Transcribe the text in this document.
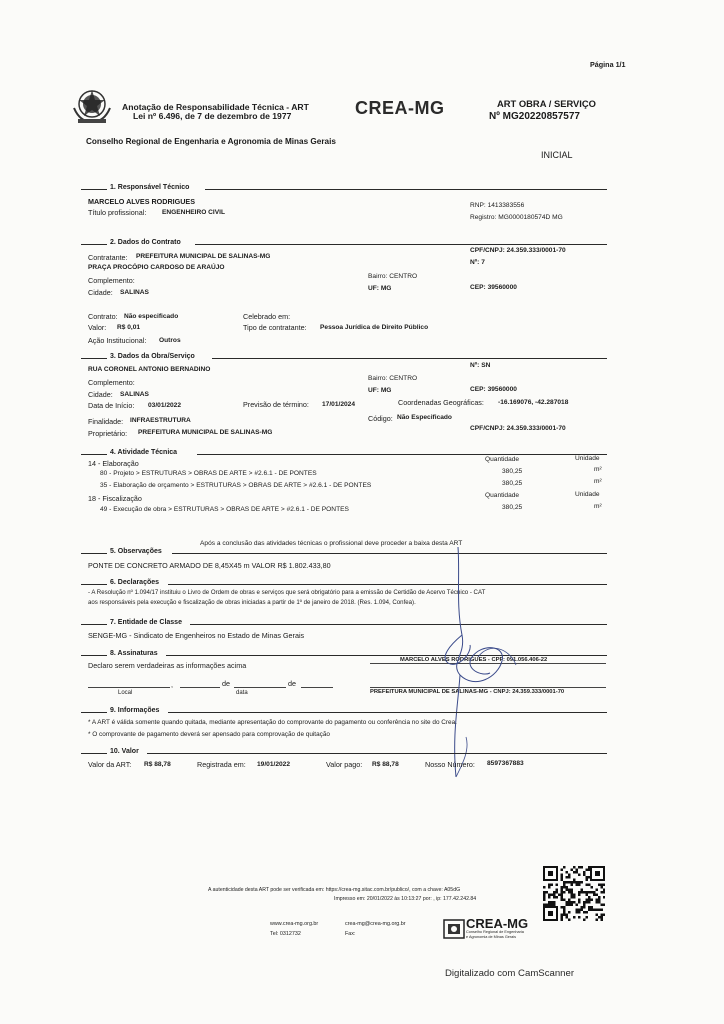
Página 1/1
Anotação de Responsabilidade Técnica - ART
Lei nº 6.496, de 7 de dezembro de 1977	CREA-MG	ART OBRA / SERVIÇO
Nº MG20220857577
Conselho Regional de Engenharia e Agronomia de Minas Gerais
INICIAL
1. Responsável Técnico
MARCELO ALVES RODRIGUES
Título profissional: ENGENHEIRO CIVIL
RNP: 1413383556
Registro: MG0000180574D MG
2. Dados do Contrato
Contratante: PREFEITURA MUNICIPAL DE SALINAS-MG
CPF/CNPJ: 24.359.333/0001-70
PRAÇA PROCÓPIO CARDOSO DE ARAÚJO
Nº: 7
Complemento:	Bairro: CENTRO
Cidade: SALINAS
UF: MG	CEP: 39560000
Contrato: Não especificado	Celebrado em:
Valor: R$ 0,01	Tipo de contratante: Pessoa Jurídica de Direito Público
Ação Institucional: Outros
3. Dados da Obra/Serviço
RUA CORONEL ANTONIO BERNADINO
Nº: SN
Complemento:	Bairro: CENTRO
Cidade: SALINAS
UF: MG	CEP: 39560000
Data de Início: 03/01/2022	Previsão de término: 17/01/2024	Coordenadas Geográficas: -16.169076, -42.287018
Finalidade: INFRAESTRUTURA	Código: Não Especificado
Proprietário: PREFEITURA MUNICIPAL DE SALINAS-MG
CPF/CNPJ: 24.359.333/0001-70
4. Atividade Técnica
Quantidade	Unidade
14 - Elaboração
80 - Projeto > ESTRUTURAS > OBRAS DE ARTE > #2.6.1 - DE PONTES	380,25	m²
35 - Elaboração de orçamento > ESTRUTURAS > OBRAS DE ARTE > #2.6.1 - DE PONTES	380,25	m²
Quantidade	Unidade
18 - Fiscalização
49 - Execução de obra > ESTRUTURAS > OBRAS DE ARTE > #2.6.1 - DE PONTES	380,25	m²
Após a conclusão das atividades técnicas o profissional deve proceder a baixa desta ART
5. Observações
PONTE DE CONCRETO ARMADO DE 8,45X45 m VALOR R$ 1.802.433,80
6. Declarações
- A Resolução nº 1.094/17 instituiu o Livro de Ordem de obras e serviços que será obrigatório para a emissão de Certidão de Acervo Técnico - CAT
aos responsáveis pela execução e fiscalização de obras iniciadas a partir de 1º de janeiro de 2018. (Res. 1.094, Confea).
7. Entidade de Classe
SENGE-MG - Sindicato de Engenheiros no Estado de Minas Gerais
8. Assinaturas
Declaro serem verdadeiras as informações acima
MARCELO ALVES RODRIGUES - CPF: 091.056.406-22
,	de	de
Local	data	PREFEITURA MUNICIPAL DE SALINAS-MG - CNPJ: 24.359.333/0001-70
9. Informações
* A ART é válida somente quando quitada, mediante apresentação do comprovante do pagamento ou conferência no site do Crea.
* O comprovante de pagamento deverá ser apensado para comprovação de quitação
10. Valor
Valor da ART: R$ 88,78	Registrada em: 19/01/2022	Valor pago: R$ 88,78	Nosso Número: 8597367883
A autenticidade desta ART pode ser verificada em: https://crea-mg.sitac.com.br/publico/, com a chave: A05dG
Impresso em: 20/01/2022 às 10:13:27 por: , ip: 177.42.242.84
www.crea-mg.org.br	crea-mg@crea-mg.org.br
Tel: 0312732	Fax:
CREA-MG
Conselho Regional de Engenharia
e Agronomia de Minas Gerais
Digitalizado com CamScanner
